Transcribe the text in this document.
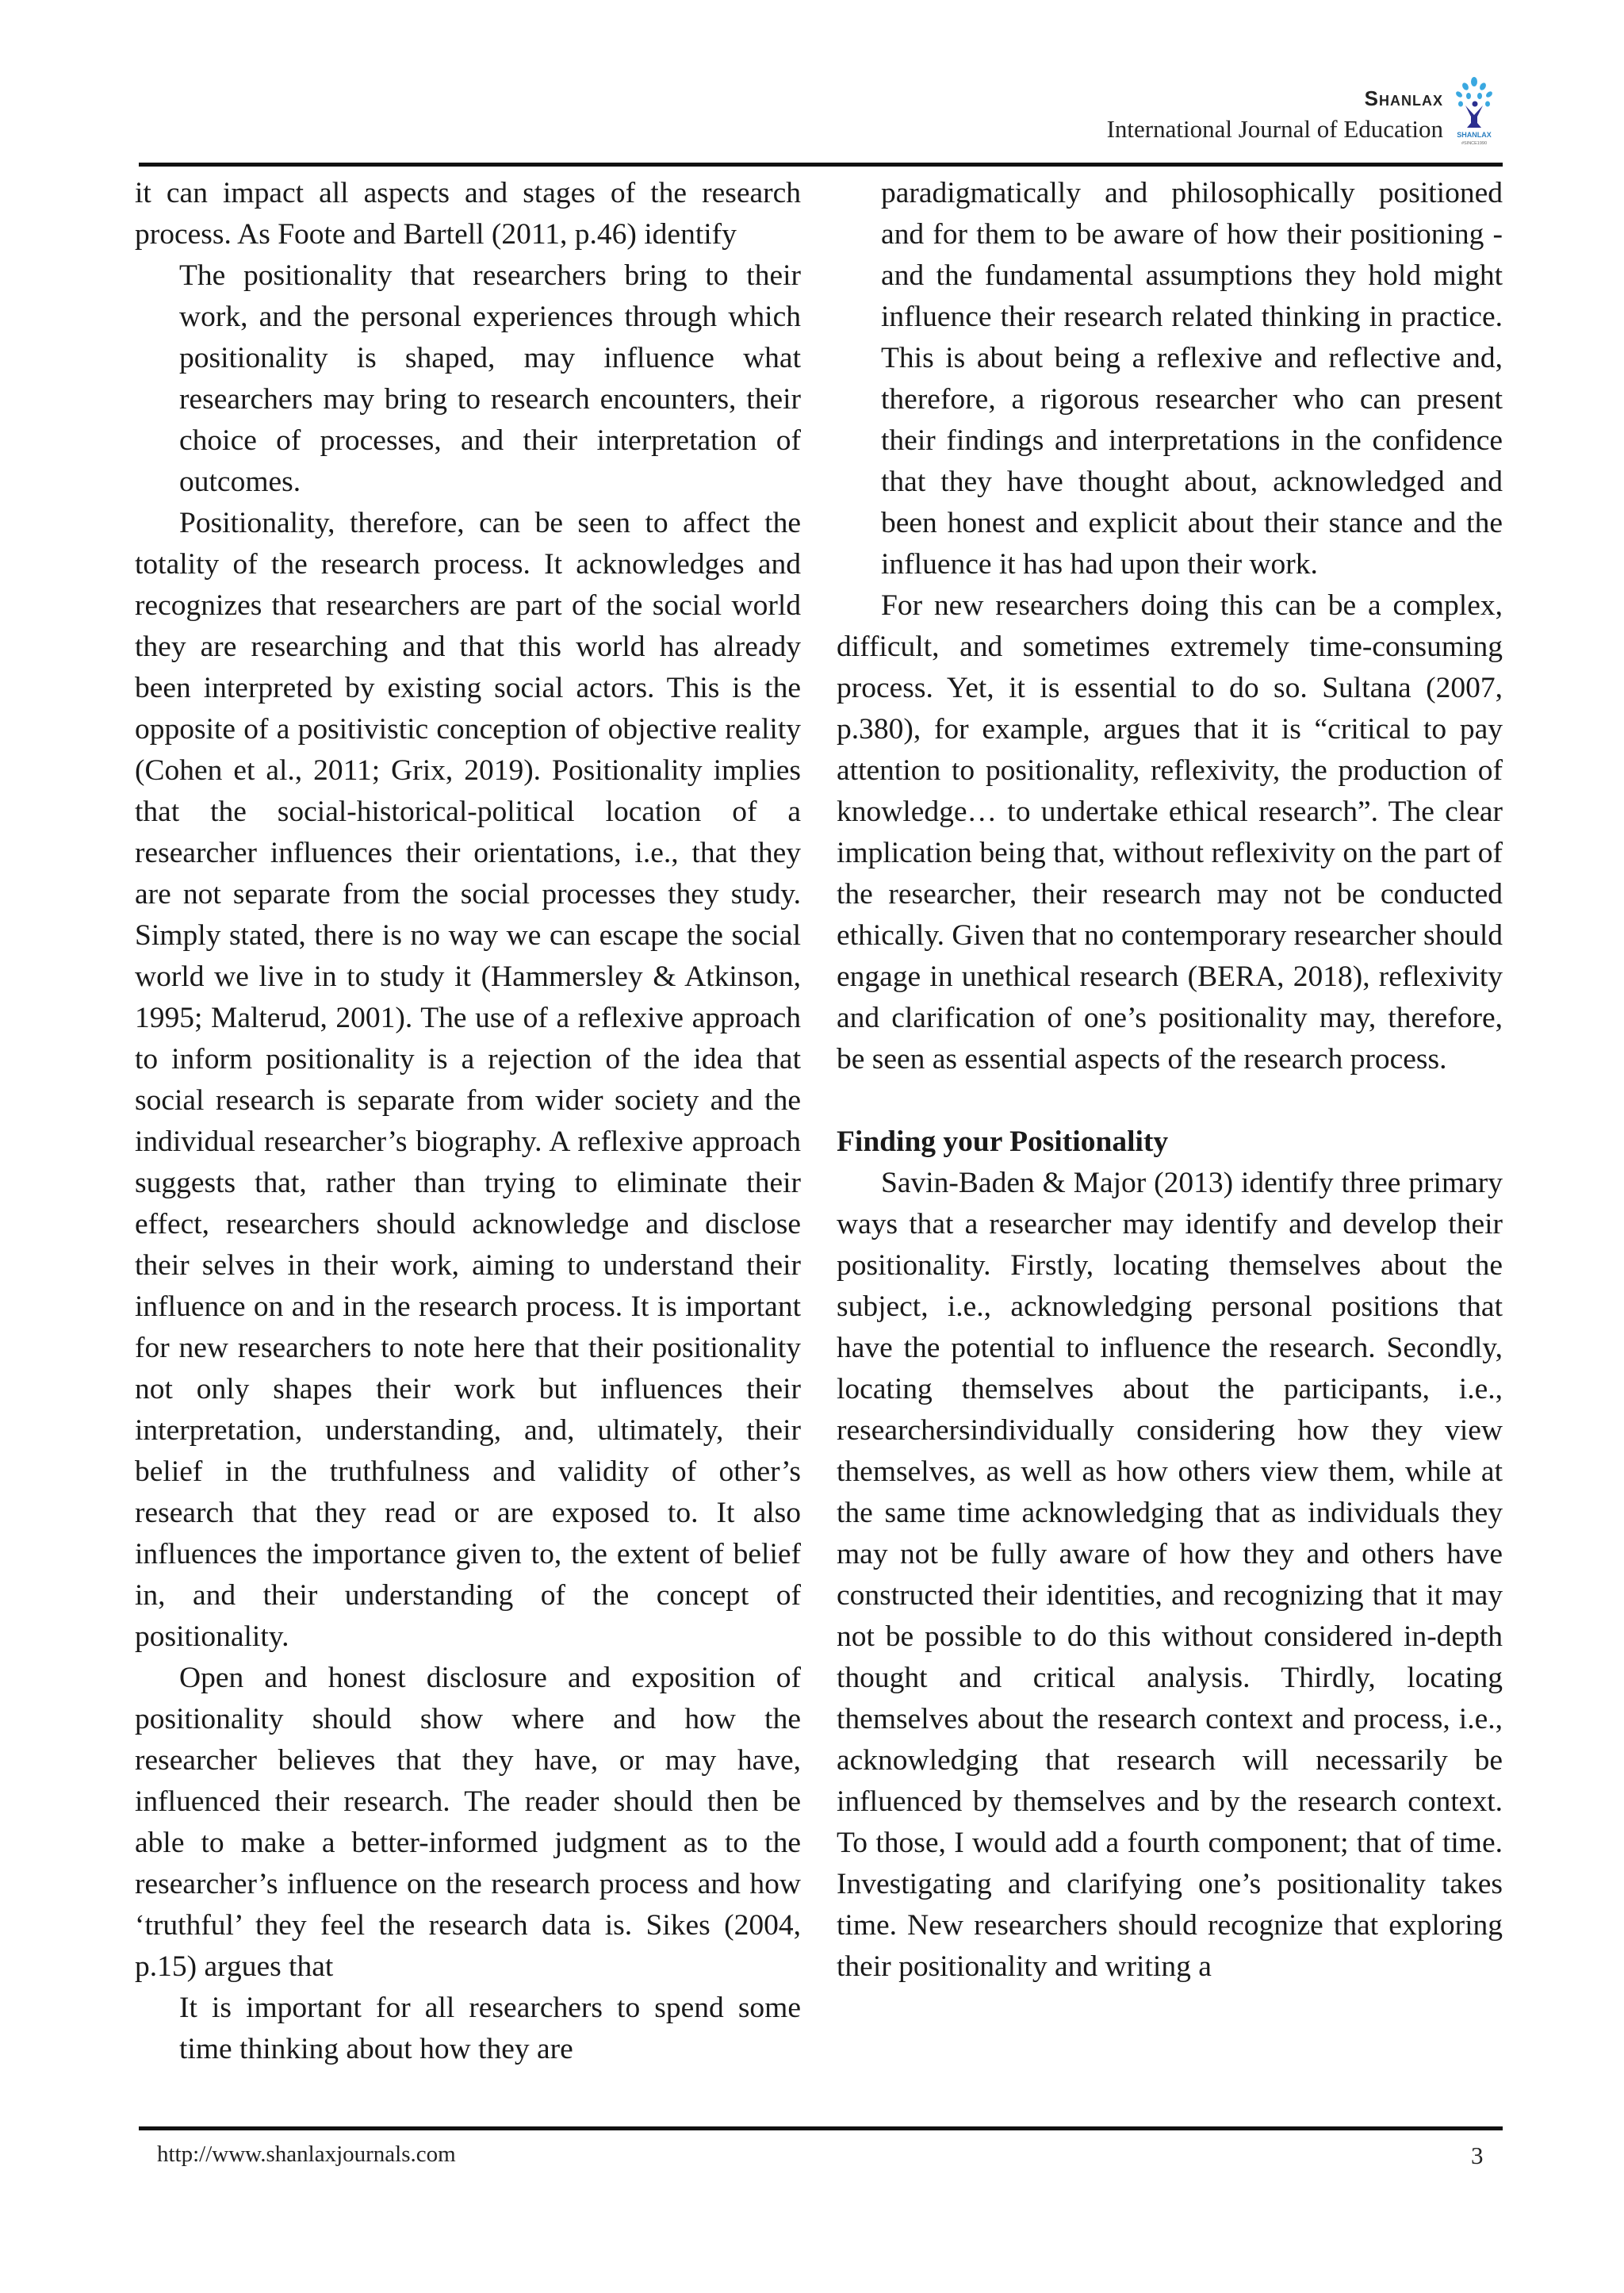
Shanlax
International Journal of Education SHANLAX
#SINCE1990

it can impact all aspects and stages of the research process. As Foote and Bartell (2011, p.46) identify

The positionality that researchers bring to their work, and the personal experiences through which positionality is shaped, may influence what researchers may bring to research encounters, their choice of processes, and their interpretation of outcomes.

Positionality, therefore, can be seen to affect the totality of the research process. It acknowledges and recognizes that researchers are part of the social world they are researching and that this world has already been interpreted by existing social actors. This is the opposite of a positivistic conception of objective reality (Cohen et al., 2011; Grix, 2019). Positionality implies that the social-historical-political location of a researcher influences their orientations, i.e., that they are not separate from the social processes they study. Simply stated, there is no way we can escape the social world we live in to study it (Hammersley & Atkinson, 1995; Malterud, 2001). The use of a reflexive approach to inform positionality is a rejection of the idea that social research is separate from wider society and the individual researcher’s biography. A reflexive approach suggests that, rather than trying to eliminate their effect, researchers should acknowledge and disclose their selves in their work, aiming to understand their influence on and in the research process. It is important for new researchers to note here that their positionality not only shapes their work but influences their interpretation, understanding, and, ultimately, their belief in the truthfulness and validity of other’s research that they read or are exposed to. It also influences the importance given to, the extent of belief in, and their understanding of the concept of positionality.

Open and honest disclosure and exposition of positionality should show where and how the researcher believes that they have, or may have, influenced their research. The reader should then be able to make a better-informed judgment as to the researcher’s influence on the research process and how ‘truthful’ they feel the research data is. Sikes (2004, p.15) argues that

It is important for all researchers to spend some time thinking about how they are

paradigmatically and philosophically positioned and for them to be aware of how their positioning -and the fundamental assumptions they hold might influence their research related thinking in practice. This is about being a reflexive and reflective and, therefore, a rigorous researcher who can present their findings and interpretations in the confidence that they have thought about, acknowledged and been honest and explicit about their stance and the influence it has had upon their work.

For new researchers doing this can be a complex, difficult, and sometimes extremely time-consuming process. Yet, it is essential to do so. Sultana (2007, p.380), for example, argues that it is “critical to pay attention to positionality, reflexivity, the production of knowledge… to undertake ethical research”. The clear implication being that, without reflexivity on the part of the researcher, their research may not be conducted ethically. Given that no contemporary researcher should engage in unethical research (BERA, 2018), reflexivity and clarification of one’s positionality may, therefore, be seen as essential aspects of the research process.

Finding your Positionality

Savin-Baden & Major (2013) identify three primary ways that a researcher may identify and develop their positionality. Firstly, locating themselves about the subject, i.e., acknowledging personal positions that have the potential to influence the research. Secondly, locating themselves about the participants, i.e., researchersindividually considering how they view themselves, as well as how others view them, while at the same time acknowledging that as individuals they may not be fully aware of how they and others have constructed their identities, and recognizing that it may not be possible to do this without considered in-depth thought and critical analysis. Thirdly, locating themselves about the research context and process, i.e., acknowledging that research will necessarily be influenced by themselves and by the research context. To those, I would add a fourth component; that of time. Investigating and clarifying one’s positionality takes time. New researchers should recognize that exploring their positionality and writing a

http://www.shanlaxjournals.com	3
